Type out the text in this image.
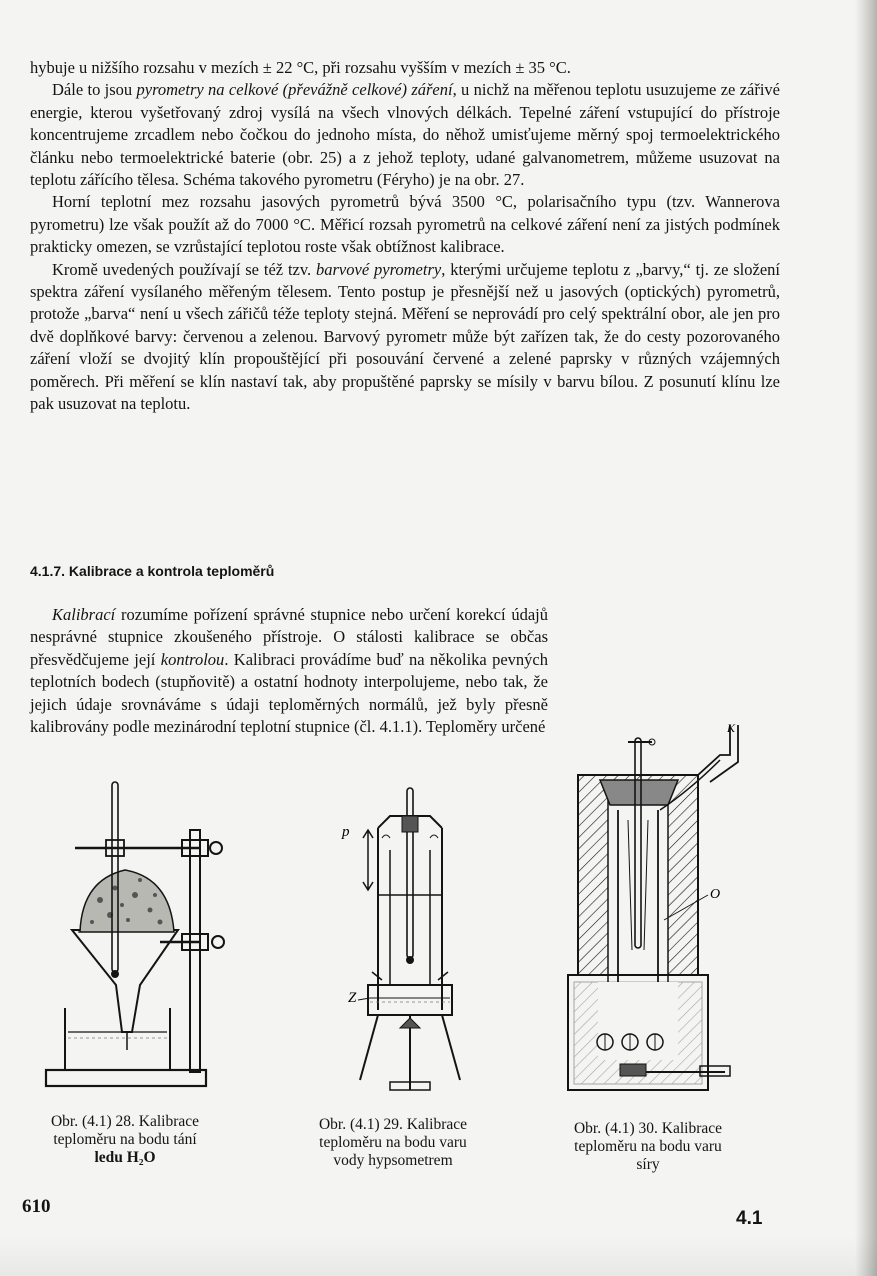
hybuje u nižšího rozsahu v mezích ± 22 °C, při rozsahu vyšším v mezích ± 35 °C.

Dále to jsou pyrometry na celkové (převážně celkové) záření, u nichž na měřenou teplotu usuzujeme ze zářivé energie, kterou vyšetřovaný zdroj vysílá na všech vlnových délkách. Tepelné záření vstupující do přístroje koncentrujeme zrcadlem nebo čočkou do jednoho místa, do něhož umisťujeme měrný spoj termoelektrického článku nebo termoelektrické baterie (obr. 25) a z jehož teploty, udané galvanometrem, můžeme usuzovat na teplotu zářícího tělesa. Schéma takového pyrometru (Féryho) je na obr. 27.

Horní teplotní mez rozsahu jasových pyrometrů bývá 3500 °C, polarisačního typu (tzv. Wannerova pyrometru) lze však použít až do 7000 °C. Měřicí rozsah pyrometrů na celkové záření není za jistých podmínek prakticky omezen, se vzrůstající teplotou roste však obtížnost kalibrace.

Kromě uvedených používají se též tzv. barvové pyrometry, kterými určujeme teplotu z „barvy,“ tj. ze složení spektra záření vysílaného měřeným tělesem. Tento postup je přesnější než u jasových (optických) pyrometrů, protože „barva“ není u všech zářičů téže teploty stejná. Měření se neprovádí pro celý spektrální obor, ale jen pro dvě doplňkové barvy: červenou a zelenou. Barvový pyrometr může být zařízen tak, že do cesty pozorovaného záření vloží se dvojitý klín propouštějící při posouvání červené a zelené paprsky v různých vzájemných poměrech. Při měření se klín nastaví tak, aby propuštěné paprsky se mísily v barvu bílou. Z posunutí klínu lze pak usuzovat na teplotu.

4.1.7. Kalibrace a kontrola teploměrů

Kalibrací rozumíme pořízení správné stupnice nebo určení korekcí údajů nesprávné stupnice zkoušeného přístroje. O stálosti kalibrace se občas přesvědčujeme její kontrolou. Kalibraci provádíme buď na několika pevných teplotních bodech (stupňovitě) a ostatní hodnoty interpolujeme, nebo tak, že jejich údaje srovnáváme s údaji teploměrných normálů, jež byly přesně kalibrovány podle mezinárodní teplotní stupnice (čl. 4.1.1). Teploměry určené

p
Z
K
O
Obr. (4.1) 28. Kalibrace
teploměru na bodu tání
ledu H₂O
Obr. (4.1) 29. Kalibrace
teploměru na bodu varu
vody hypsometrem
Obr. (4.1) 30. Kalibrace
teploměru na bodu varu
síry
610
4.1
